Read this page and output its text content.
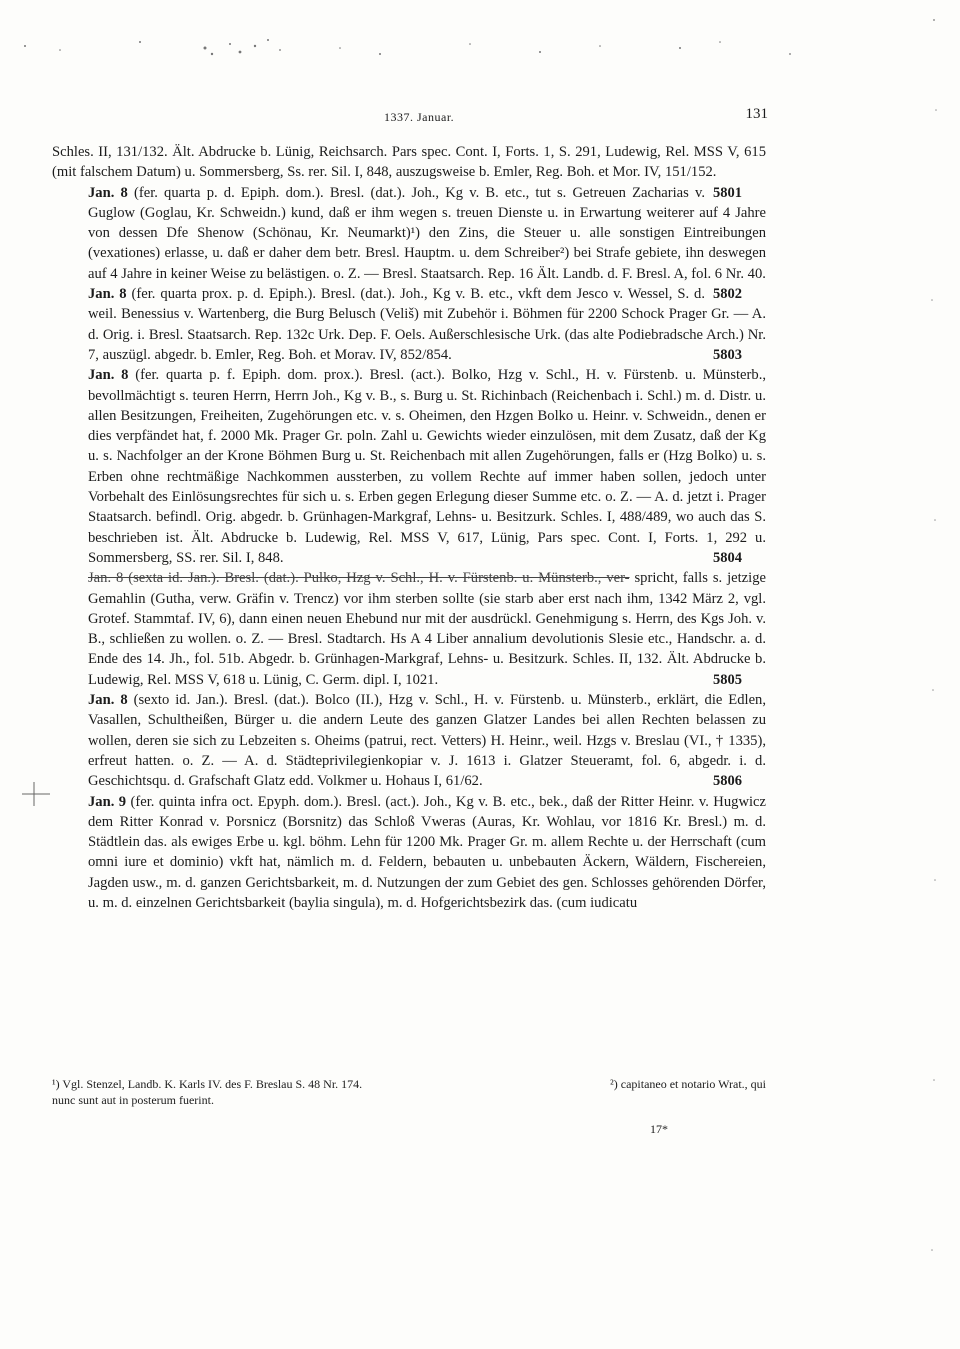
1337. Januar.	131

Schles. II, 131/132. Ält. Abdrucke b. Lünig, Reichsarch. Pars spec. Cont. I, Forts. 1, S. 291, Ludewig, Rel. MSS V, 615 (mit falschem Datum) u. Sommersberg, Ss. rer. Sil. I, 848, auszugsweise b. Emler, Reg. Boh. et Mor. IV, 151/152.
5801

Jan. 8 (fer. quarta p. d. Epiph. dom.). Bresl. (dat.). Joh., Kg v. B. etc., tut s. Getreuen Zacharias v. Guglow (Goglau, Kr. Schweidn.) kund, daß er ihm wegen s. treuen Dienste u. in Erwartung weiterer auf 4 Jahre von dessen Dfe Shenow (Schönau, Kr. Neumarkt)¹) den Zins, die Steuer u. alle sonstigen Eintreibungen (vexationes) erlasse, u. daß er daher dem betr. Bresl. Hauptm. u. dem Schreiber²) bei Strafe gebiete, ihn deswegen auf 4 Jahre in keiner Weise zu belästigen. o. Z. — Bresl. Staatsarch. Rep. 16 Ält. Landb. d. F. Bresl. A, fol. 6 Nr. 40.
5802

Jan. 8 (fer. quarta prox. p. d. Epiph.). Bresl. (dat.). Joh., Kg v. B. etc., vkft dem Jesco v. Wessel, S. d. weil. Benessius v. Wartenberg, die Burg Belusch (Veliš) mit Zubehör i. Böhmen für 2200 Schock Prager Gr. — A. d. Orig. i. Bresl. Staatsarch. Rep. 132c Urk. Dep. F. Oels. Außerschlesische Urk. (das alte Podiebradsche Arch.) Nr. 7, auszügl. abgedr. b. Emler, Reg. Boh. et Morav. IV, 852/854.	5803

Jan. 8 (fer. quarta p. f. Epiph. dom. prox.). Bresl. (act.). Bolko, Hzg v. Schl., H. v. Fürstenb. u. Münsterb., bevollmächtigt s. teuren Herrn, Herrn Joh., Kg v. B., s. Burg u. St. Richinbach (Reichenbach i. Schl.) m. d. Distr. u. allen Besitzungen, Freiheiten, Zugehörungen etc. v. s. Oheimen, den Hzgen Bolko u. Heinr. v. Schweidn., denen er dies verpfändet hat, f. 2000 Mk. Prager Gr. poln. Zahl u. Gewichts wieder einzulösen, mit dem Zusatz, daß der Kg u. s. Nachfolger an der Krone Böhmen Burg u. St. Reichenbach mit allen Zugehörungen, falls er (Hzg Bolko) u. s. Erben ohne rechtmäßige Nachkommen aussterben, zu vollem Rechte auf immer haben sollen, jedoch unter Vorbehalt des Einlösungsrechtes für sich u. s. Erben gegen Erlegung dieser Summe etc. o. Z. — A. d. jetzt i. Prager Staatsarch. befindl. Orig. abgedr. b. Grünhagen-Markgraf, Lehns- u. Besitzurk. Schles. I, 488/489, wo auch das S. beschrieben ist. Ält. Abdrucke b. Ludewig, Rel. MSS V, 617, Lünig, Pars spec. Cont. I, Forts. 1, 292 u. Sommersberg, SS. rer. Sil. I, 848.	5804

Jan. 8 (sexta id. Jan.). Bresl. (dat.). Pulko, Hzg v. Schl., H. v. Fürstenb. u. Münsterb., ver- spricht, falls s. jetzige Gemahlin (Gutha, verw. Gräfin v. Trencz) vor ihm sterben sollte (sie starb aber erst nach ihm, 1342 März 2, vgl. Grotef. Stammtaf. IV, 6), dann einen neuen Ehebund nur mit der ausdrückl. Genehmigung s. Herrn, des Kgs Joh. v. B., schließen zu wollen. o. Z. — Bresl. Stadtarch. Hs A 4 Liber annalium devolutionis Slesie etc., Handschr. a. d. Ende des 14. Jh., fol. 51b. Abgedr. b. Grünhagen-Markgraf, Lehns- u. Besitzurk. Schles. II, 132. Ält. Abdrucke b. Ludewig, Rel. MSS V, 618 u. Lünig, C. Germ. dipl. I, 1021.	5805

Jan. 8 (sexto id. Jan.). Bresl. (dat.). Bolco (II.), Hzg v. Schl., H. v. Fürstenb. u. Münsterb., erklärt, die Edlen, Vasallen, Schultheißen, Bürger u. die andern Leute des ganzen Glatzer Landes bei allen Rechten belassen zu wollen, deren sie sich zu Lebzeiten s. Oheims (patrui, rect. Vetters) H. Heinr., weil. Hzgs v. Breslau (VI., † 1335), erfreut hatten. o. Z. — A. d. Städteprivilegienkopiar v. J. 1613 i. Glatzer Steueramt, fol. 6, abgedr. i. d. Geschichtsqu. d. Grafschaft Glatz edd. Volkmer u. Hohaus I, 61/62.	5806

Jan. 9 (fer. quinta infra oct. Epyph. dom.). Bresl. (act.). Joh., Kg v. B. etc., bek., daß der Ritter Heinr. v. Hugwicz dem Ritter Konrad v. Porsnicz (Borsnitz) das Schloß Vweras (Auras, Kr. Wohlau, vor 1816 Kr. Bresl.) m. d. Städtlein das. als ewiges Erbe u. kgl. böhm. Lehn für 1200 Mk. Prager Gr. m. allem Rechte u. der Herrschaft (cum omni iure et dominio) vkft hat, nämlich m. d. Feldern, bebauten u. unbebauten Äckern, Wäldern, Fischereien, Jagden usw., m. d. ganzen Gerichtsbarkeit, m. d. Nutzungen der zum Gebiet des gen. Schlosses gehörenden Dörfer, u. m. d. einzelnen Gerichtsbarkeit (baylia singula), m. d. Hofgerichtsbezirk das. (cum iudicatu

¹) Vgl. Stenzel, Landb. K. Karls IV. des F. Breslau S. 48 Nr. 174.	²) capitaneo et notario Wrat., qui
nunc sunt aut in posterum fuerint.
17*
